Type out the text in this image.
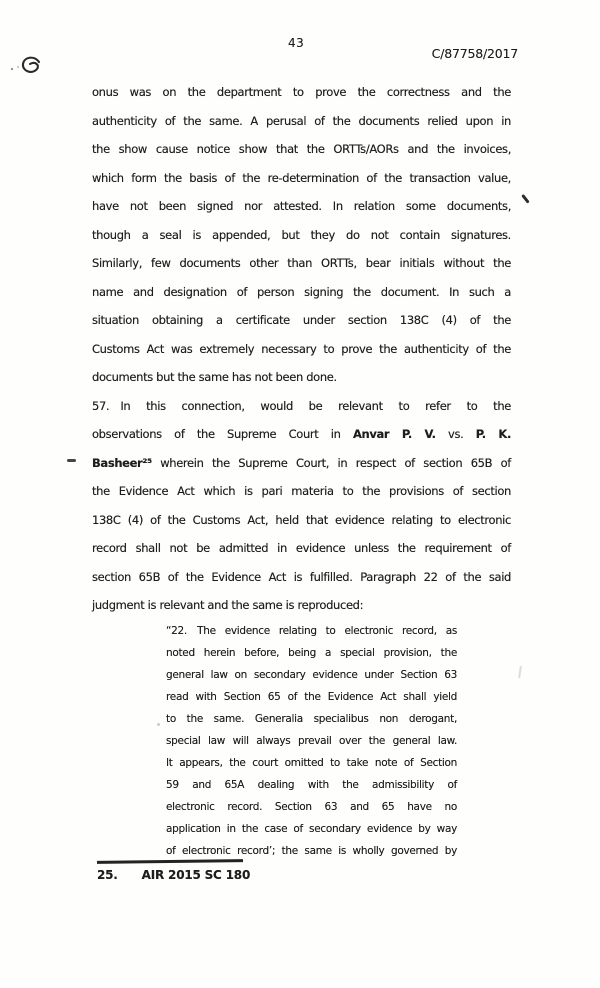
43
C/87758/2017
onus was on the department to prove the correctness and the
authenticity of the same. A perusal of the documents relied upon in
the show cause notice show that the ORTTs/AORs and the invoices,
which form the basis of the re-determination of the transaction value,
have not been signed nor attested. In relation some documents,
though a seal is appended, but they do not contain signatures.
Similarly, few documents other than ORTTs, bear initials without the
name and designation of person signing the document. In such a
situation obtaining a certificate under section 138C (4) of the
Customs Act was extremely necessary to prove the authenticity of the
documents but the same has not been done.
57. In this connection, would be relevant to refer to the
observations of the Supreme Court in Anvar P. V. vs. P. K.
Basheer²⁵ wherein the Supreme Court, in respect of section 65B of
the Evidence Act which is pari materia to the provisions of section
138C (4) of the Customs Act, held that evidence relating to electronic
record shall not be admitted in evidence unless the requirement of
section 65B of the Evidence Act is fulfilled. Paragraph 22 of the said
judgment is relevant and the same is reproduced:
“22. The evidence relating to electronic record, as
noted herein before, being a special provision, the
general law on secondary evidence under Section 63
read with Section 65 of the Evidence Act shall yield
to the same. Generalia specialibus non derogant,
special law will always prevail over the general law.
It appears, the court omitted to take note of Section
59 and 65A dealing with the admissibility of
electronic record. Section 63 and 65 have no
application in the case of secondary evidence by way
of electronic record’; the same is wholly governed by
25. AIR 2015 SC 180
